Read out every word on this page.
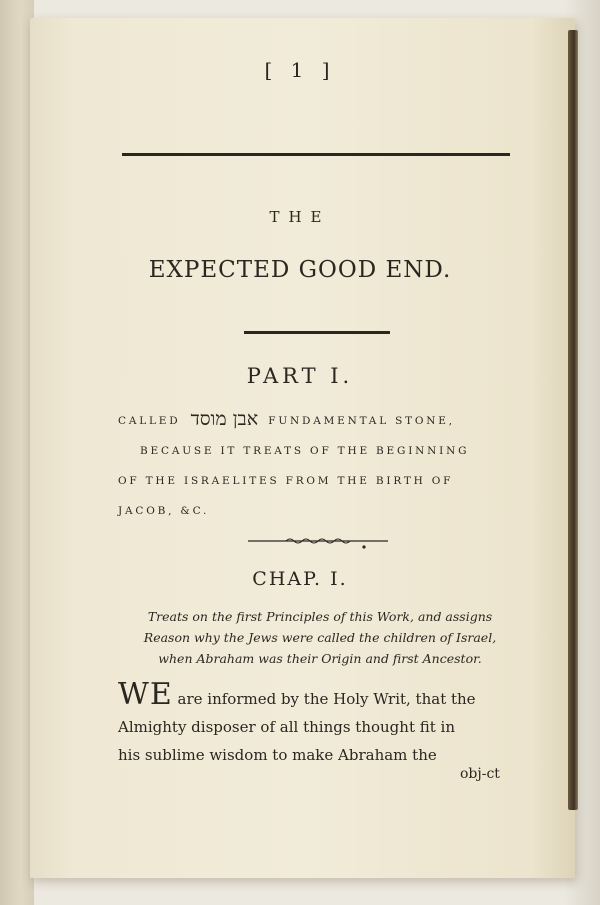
[ 1 ]
THE
EXPECTED GOOD END.
PART I.
CALLED אבן מוסד FUNDAMENTAL STONE,
BECAUSE IT TREATS OF THE BEGINNING
OF THE ISRAELITES FROM THE BIRTH OF
JACOB, &C.
CHAP. I.
Treats on the first Principles of this Work, and assigns
Reason why the Jews were called the children of Israel,
when Abraham was their Origin and first Ancestor.
WE are informed by the Holy Writ, that the
Almighty disposer of all things thought fit in
his sublime wisdom to make Abraham the
obj-ct
